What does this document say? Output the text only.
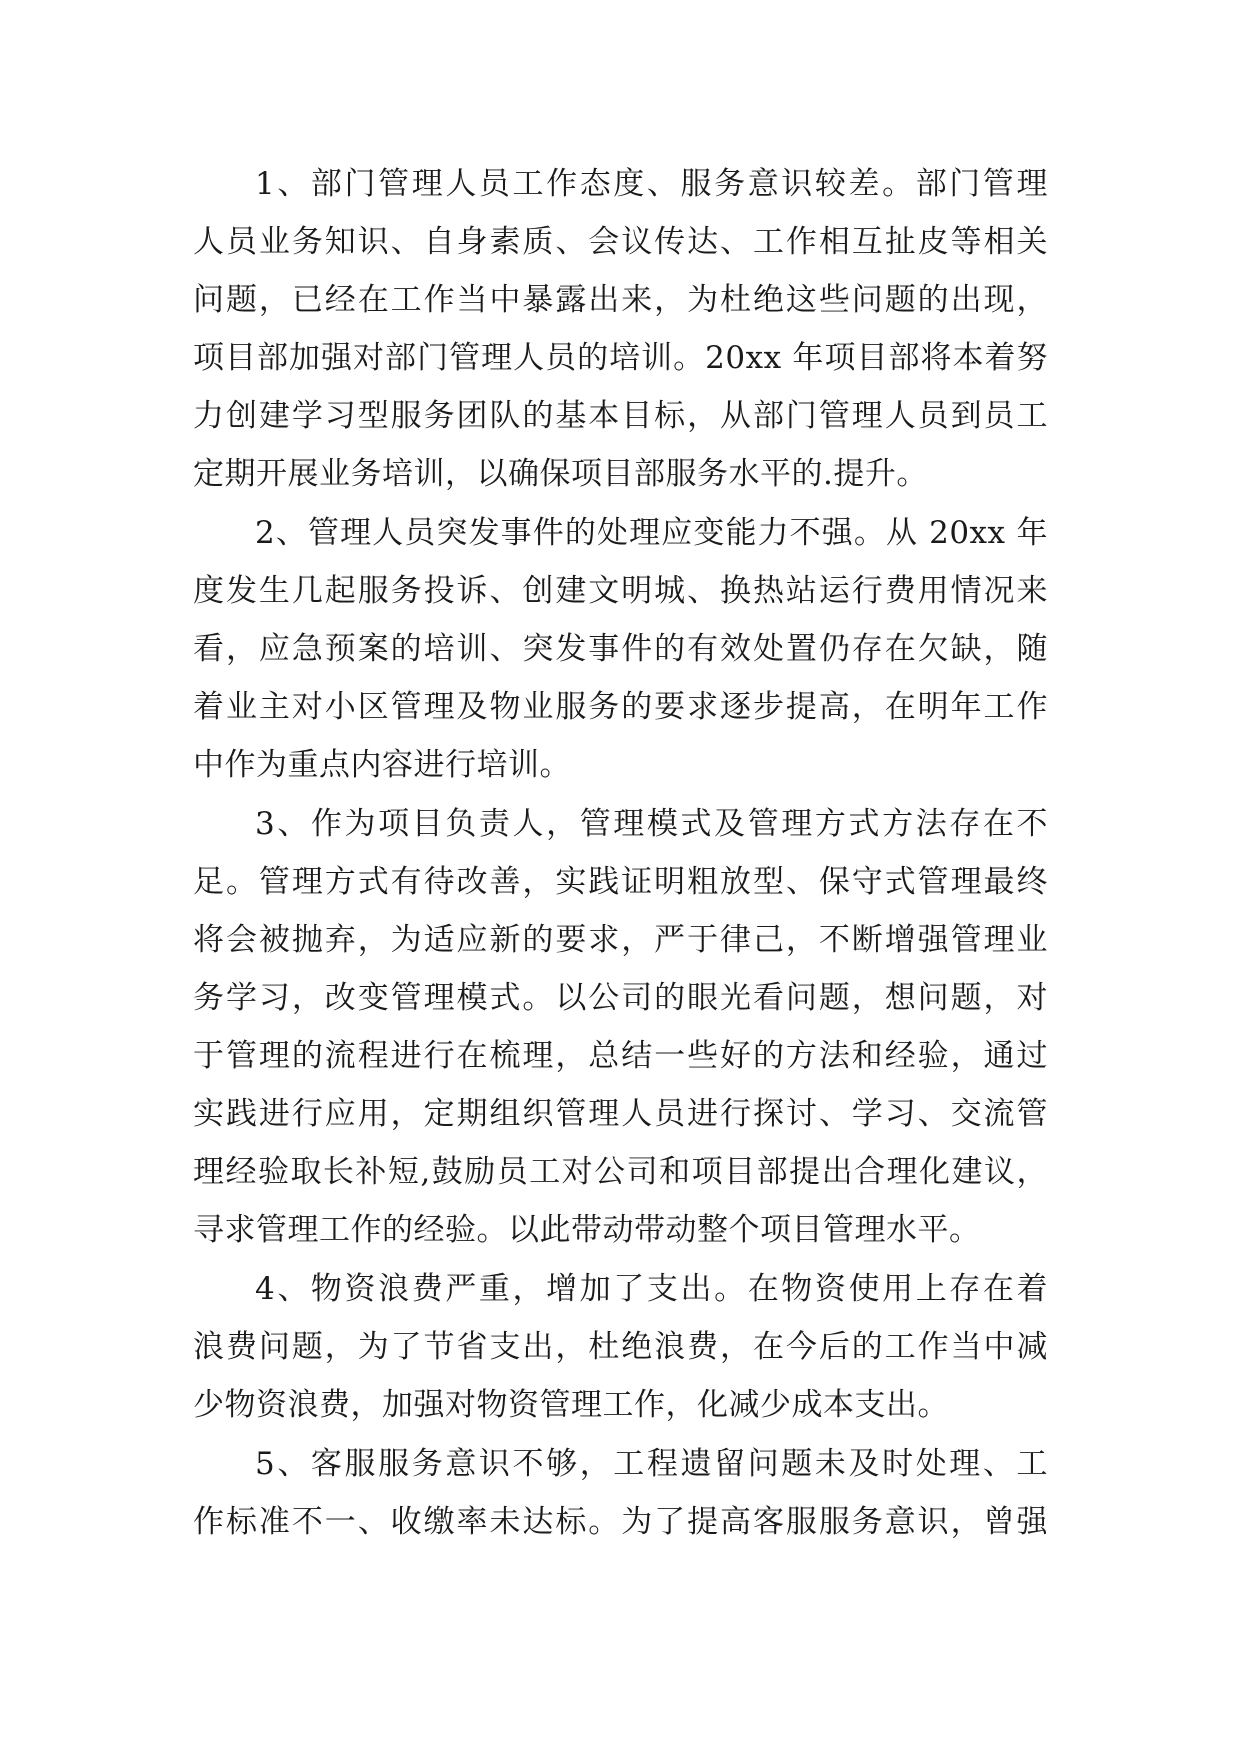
1、部门管理人员工作态度、服务意识较差。部门管理
人员业务知识、自身素质、会议传达、工作相互扯皮等相关
问题，已经在工作当中暴露出来，为杜绝这些问题的出现，
项目部加强对部门管理人员的培训。20xx 年项目部将本着努
力创建学习型服务团队的基本目标，从部门管理人员到员工
定期开展业务培训，以确保项目部服务水平的.提升。
2、管理人员突发事件的处理应变能力不强。从 20xx 年
度发生几起服务投诉、创建文明城、换热站运行费用情况来
看，应急预案的培训、突发事件的有效处置仍存在欠缺，随
着业主对小区管理及物业服务的要求逐步提高，在明年工作
中作为重点内容进行培训。
3、作为项目负责人，管理模式及管理方式方法存在不
足。管理方式有待改善，实践证明粗放型、保守式管理最终
将会被抛弃，为适应新的要求，严于律己，不断增强管理业
务学习，改变管理模式。以公司的眼光看问题，想问题，对
于管理的流程进行在梳理，总结一些好的方法和经验，通过
实践进行应用，定期组织管理人员进行探讨、学习、交流管
理经验取长补短,鼓励员工对公司和项目部提出合理化建议，
寻求管理工作的经验。以此带动带动整个项目管理水平。
4、物资浪费严重，增加了支出。在物资使用上存在着
浪费问题，为了节省支出，杜绝浪费，在今后的工作当中减
少物资浪费，加强对物资管理工作，化减少成本支出。
5、客服服务意识不够，工程遗留问题未及时处理、工
作标准不一、收缴率未达标。为了提高客服服务意识，曾强
